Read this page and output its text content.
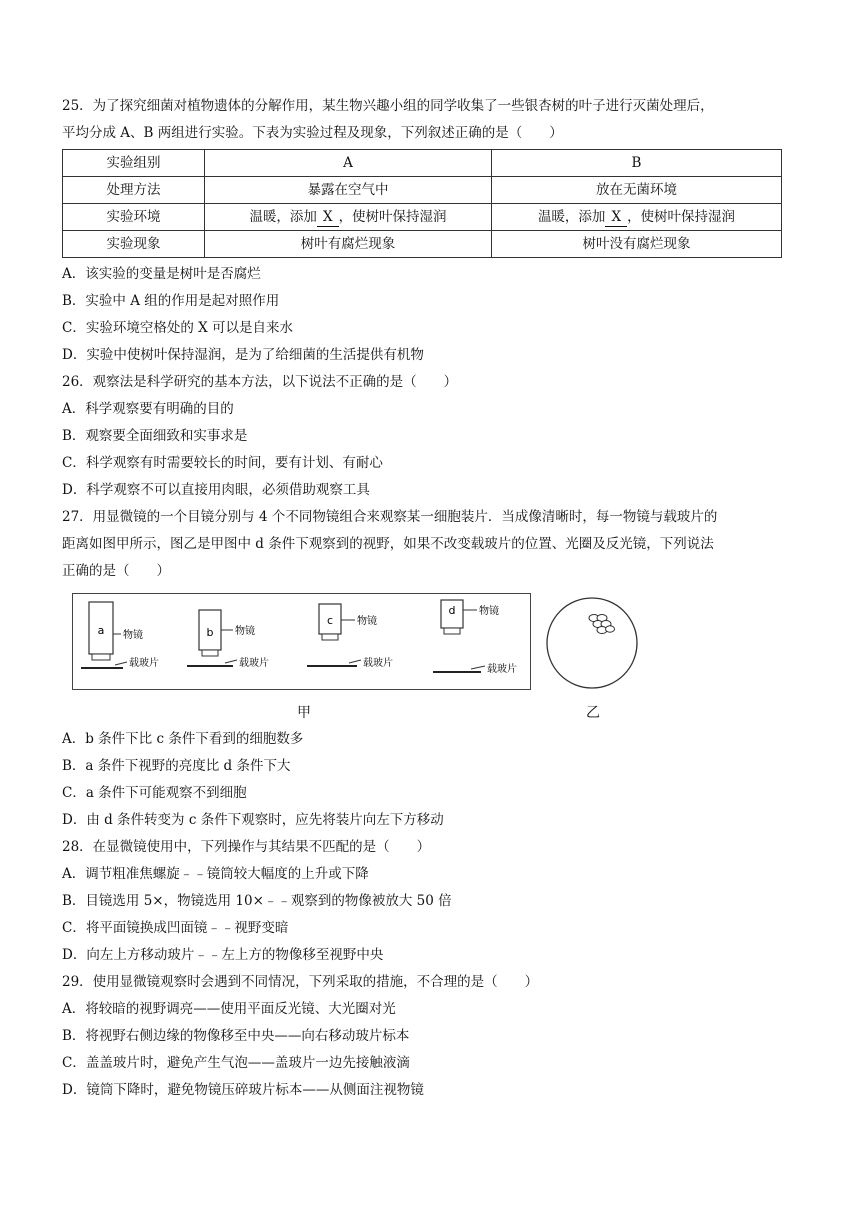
25．为了探究细菌对植物遗体的分解作用，某生物兴趣小组的同学收集了一些银杏树的叶子进行灭菌处理后，
平均分成 A、B 两组进行实验。下表为实验过程及现象，下列叙述正确的是（　　）
实验组别	A	B
处理方法	暴露在空气中	放在无菌环境
实验环境	温暖，添加 X ，使树叶保持湿润	温暖，添加 X ，使树叶保持湿润
实验现象	树叶有腐烂现象	树叶没有腐烂现象
A．该实验的变量是树叶是否腐烂
B．实验中 A 组的作用是起对照作用
C．实验环境空格处的 X 可以是自来水
D．实验中使树叶保持湿润，是为了给细菌的生活提供有机物
26．观察法是科学研究的基本方法，以下说法不正确的是（　　）
A．科学观察要有明确的目的
B．观察要全面细致和实事求是
C．科学观察有时需要较长的时间，要有计划、有耐心
D．科学观察不可以直接用肉眼，必须借助观察工具
27．用显微镜的一个目镜分别与 4 个不同物镜组合来观察某一细胞装片．当成像清晰时，每一物镜与载玻片的
距离如图甲所示，图乙是甲图中 d 条件下观察到的视野，如果不改变载玻片的位置、光圈及反光镜，下列说法
正确的是（　　）
a 物镜
载玻片
b 物镜
载玻片
c 物镜
载玻片
d 物镜
载玻片
甲	乙
A．b 条件下比 c 条件下看到的细胞数多
B．a 条件下视野的亮度比 d 条件下大
C．a 条件下可能观察不到细胞
D．由 d 条件转变为 c 条件下观察时，应先将装片向左下方移动
28．在显微镜使用中，下列操作与其结果不匹配的是（　　）
A．调节粗准焦螺旋﹣﹣镜筒较大幅度的上升或下降
B．目镜选用 5×，物镜选用 10×﹣﹣观察到的物像被放大 50 倍
C．将平面镜换成凹面镜﹣﹣视野变暗
D．向左上方移动玻片﹣﹣左上方的物像移至视野中央
29．使用显微镜观察时会遇到不同情况，下列采取的措施，不合理的是（　　）
A．将较暗的视野调亮——使用平面反光镜、大光圈对光
B．将视野右侧边缘的物像移至中央——向右移动玻片标本
C．盖盖玻片时，避免产生气泡——盖玻片一边先接触液滴
D．镜筒下降时，避免物镜压碎玻片标本——从侧面注视物镜
